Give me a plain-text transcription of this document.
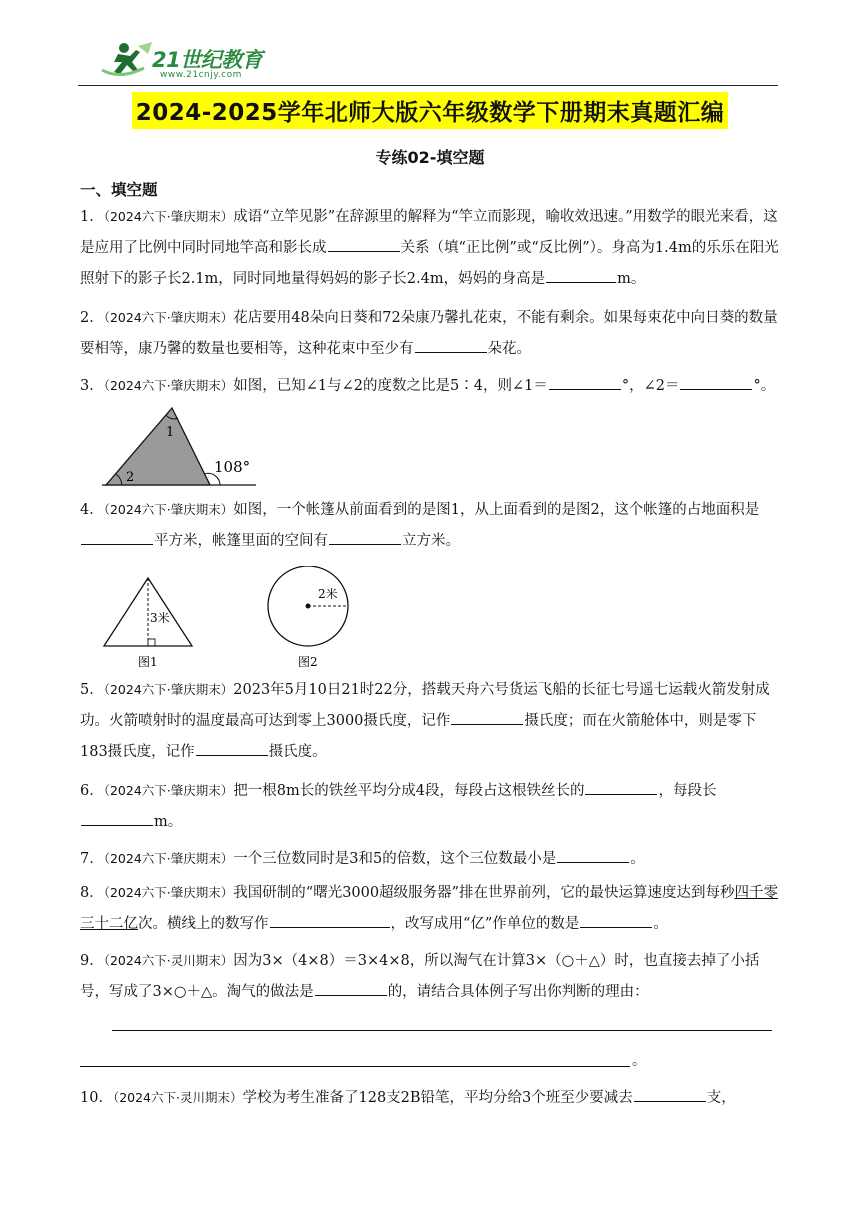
21世纪教育
www.21cnjy.com
2024-2025学年北师大版六年级数学下册期末真题汇编
专练02-填空题
一、填空题
1．（2024六下·肇庆期末）成语“立竿见影”在辞源里的解释为“竿立而影现，喻收效迅速。”用数学的眼光来看，这是应用了比例中同时同地竿高和影长成	关系（填“正比例”或“反比例”）。身高为1.4m的乐乐在阳光照射下的影子长2.1m，同时同地量得妈妈的影子长2.4m，妈妈的身高是	m。
2．（2024六下·肇庆期末）花店要用48朵向日葵和72朵康乃馨扎花束，不能有剩余。如果每束花中向日葵的数量要相等，康乃馨的数量也要相等，这种花束中至少有	朵花。
3．（2024六下·肇庆期末）如图，已知∠1与∠2的度数之比是5∶4，则∠1＝	°，∠2＝	°。
1
2
108°
4．（2024六下·肇庆期末）如图，一个帐篷从前面看到的是图1，从上面看到的是图2，这个帐篷的占地面积是平方米，帐篷里面的空间有	立方米。
3米
图1
2米
图2
5．（2024六下·肇庆期末）2023年5月10日21时22分，搭载天舟六号货运飞船的长征七号遥七运载火箭发射成功。火箭喷射时的温度最高可达到零上3000摄氏度，记作	摄氏度；而在火箭舱体中，则是零下183摄氏度，记作	摄氏度。
6．（2024六下·肇庆期末）把一根8m长的铁丝平均分成4段，每段占这根铁丝长的	，每段长m。
7．（2024六下·肇庆期末）一个三位数同时是3和5的倍数，这个三位数最小是	。
8．（2024六下·肇庆期末）我国研制的“曙光3000超级服务器”排在世界前列，它的最快运算速度达到每秒四千零三十二亿次。横线上的数写作	，改写成用“亿”作单位的数是	。
9．（2024六下·灵川期末）因为3×（4×8）＝3×4×8，所以淘气在计算3×（○＋△）时，也直接去掉了小括号，写成了3×○＋△。淘气的做法是	的，请结合具体例子写出你判断的理由：
。
10．（2024六下·灵川期末）学校为考生准备了128支2B铅笔，平均分给3个班至少要减去	支，
